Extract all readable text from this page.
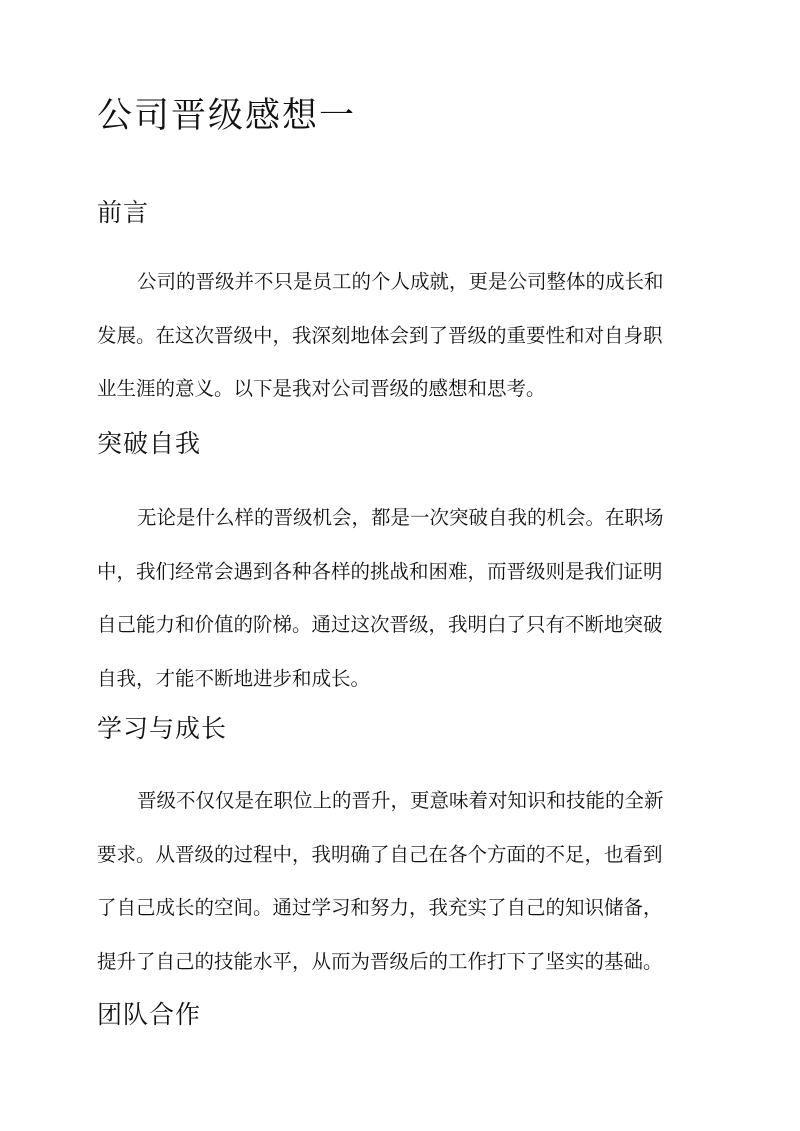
公司晋级感想一
前言
公司的晋级并不只是员工的个人成就，更是公司整体的成长和
发展。在这次晋级中，我深刻地体会到了晋级的重要性和对自身职
业生涯的意义。以下是我对公司晋级的感想和思考。
突破自我
无论是什么样的晋级机会，都是一次突破自我的机会。在职场
中，我们经常会遇到各种各样的挑战和困难，而晋级则是我们证明
自己能力和价值的阶梯。通过这次晋级，我明白了只有不断地突破
自我，才能不断地进步和成长。
学习与成长
晋级不仅仅是在职位上的晋升，更意味着对知识和技能的全新
要求。从晋级的过程中，我明确了自己在各个方面的不足，也看到
了自己成长的空间。通过学习和努力，我充实了自己的知识储备，
提升了自己的技能水平，从而为晋级后的工作打下了坚实的基础。
团队合作
